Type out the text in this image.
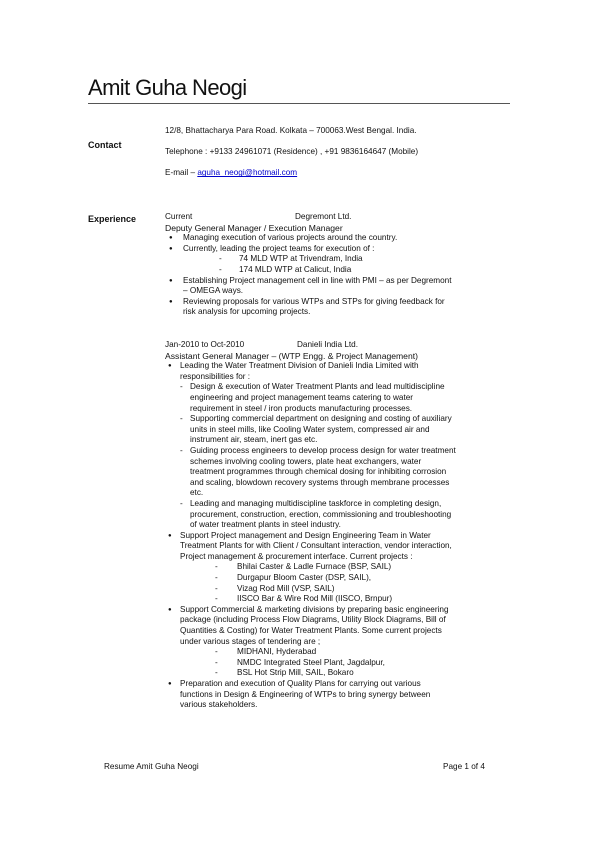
Amit Guha Neogi
Contact

12/8, Bhattacharya Para Road. Kolkata – 700063.West Bengal. India.

Telephone : +9133 24961071 (Residence) , +91 9836164647 (Mobile)

E-mail – aguha_neogi@hotmail.com

Experience	Current	Degremont Ltd.

Deputy General Manager / Execution Manager

● Managing execution of various projects around the country.
● Currently, leading the project teams for execution of :
- 74 MLD WTP at Trivendram, India
- 174 MLD WTP at Calicut, India
● Establishing Project management cell in line with PMI – as per Degremont
– OMEGA ways.
● Reviewing proposals for various WTPs and STPs for giving feedback for
risk analysis for upcoming projects.

Jan-2010 to Oct-2010	Danieli India Ltd.

Assistant General Manager – (WTP Engg. & Project Management)

● Leading the Water Treatment Division of Danieli India Limited with
responsibilities for :
- Design & execution of Water Treatment Plants and lead multidiscipline
engineering and project management teams catering to water
requirement in steel / iron products manufacturing processes.
- Supporting commercial department on designing and costing of auxiliary
units in steel mills, like Cooling Water system, compressed air and
instrument air, steam, inert gas etc.
- Guiding process engineers to develop process design for water treatment
schemes involving cooling towers, plate heat exchangers, water
treatment programmes through chemical dosing for inhibiting corrosion
and scaling, blowdown recovery systems through membrane processes
etc.
- Leading and managing multidiscipline taskforce in completing design,
procurement, construction, erection, commissioning and troubleshooting
of water treatment plants in steel industry.
● Support Project management and Design Engineering Team in Water
Treatment Plants for with Client / Consultant interaction, vendor interaction,
Project management & procurement interface. Current projects :
- Bhilai Caster & Ladle Furnace (BSP, SAIL)
- Durgapur Bloom Caster (DSP, SAIL),
- Vizag Rod Mill (VSP, SAIL)
- IISCO Bar & Wire Rod Mill (IISCO, Brnpur)
● Support Commercial & marketing divisions by preparing basic engineering
package (including Process Flow Diagrams, Utility Block Diagrams, Bill of
Quantities & Costing) for Water Treatment Plants. Some current projects
under various stages of tendering are ;
- MIDHANI, Hyderabad
- NMDC Integrated Steel Plant, Jagdalpur,
- BSL Hot Strip Mill, SAIL, Bokaro
● Preparation and execution of Quality Plans for carrying out various
functions in Design & Engineering of WTPs to bring synergy between
various stakeholders.
Resume Amit Guha Neogi	Page 1 of 4
